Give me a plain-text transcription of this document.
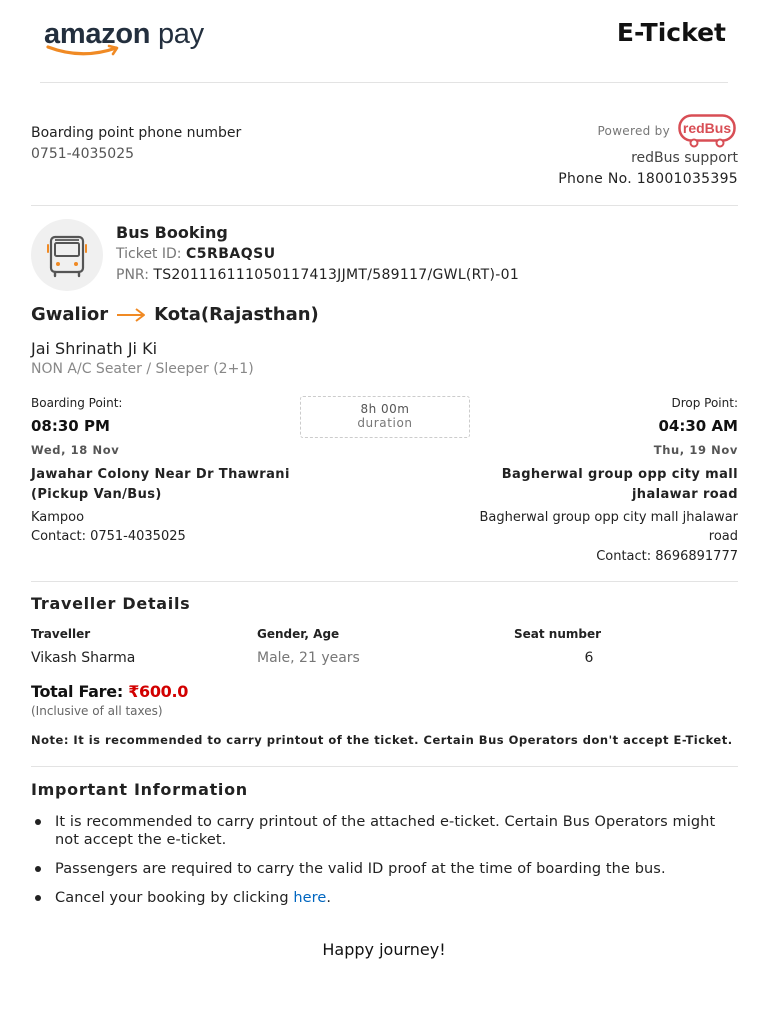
amazon pay	E-Ticket
Boarding point phone number
0751-4035025
Powered by redBus
redBus support
Phone No. 18001035395
Bus Booking
Ticket ID: C5RBAQSU
PNR: TS201116111050117413JJMT/589117/GWL(RT)-01
Gwalior	Kota(Rajasthan)
Jai Shrinath Ji Ki
NON A/C Seater / Sleeper (2+1)
Boarding Point:
08:30 PM
Wed, 18 Nov
Jawahar Colony Near Dr Thawrani
(Pickup Van/Bus)
Kampoo
Contact: 0751-4035025
8h 00m
duration
Drop Point:
04:30 AM
Thu, 19 Nov
Bagherwal group opp city mall
jhalawar road
Bagherwal group opp city mall jhalawar
road
Contact: 8696891777
Traveller Details
Traveller	Gender, Age	Seat number
Vikash Sharma	Male, 21 years	6
Total Fare: ₹600.0
(Inclusive of all taxes)
Note: It is recommended to carry printout of the ticket. Certain Bus Operators don't accept E-Ticket.
Important Information
It is recommended to carry printout of the attached e-ticket. Certain Bus Operators might not accept the e-ticket.
Passengers are required to carry the valid ID proof at the time of boarding the bus.
Cancel your booking by clicking here.
Happy journey!
